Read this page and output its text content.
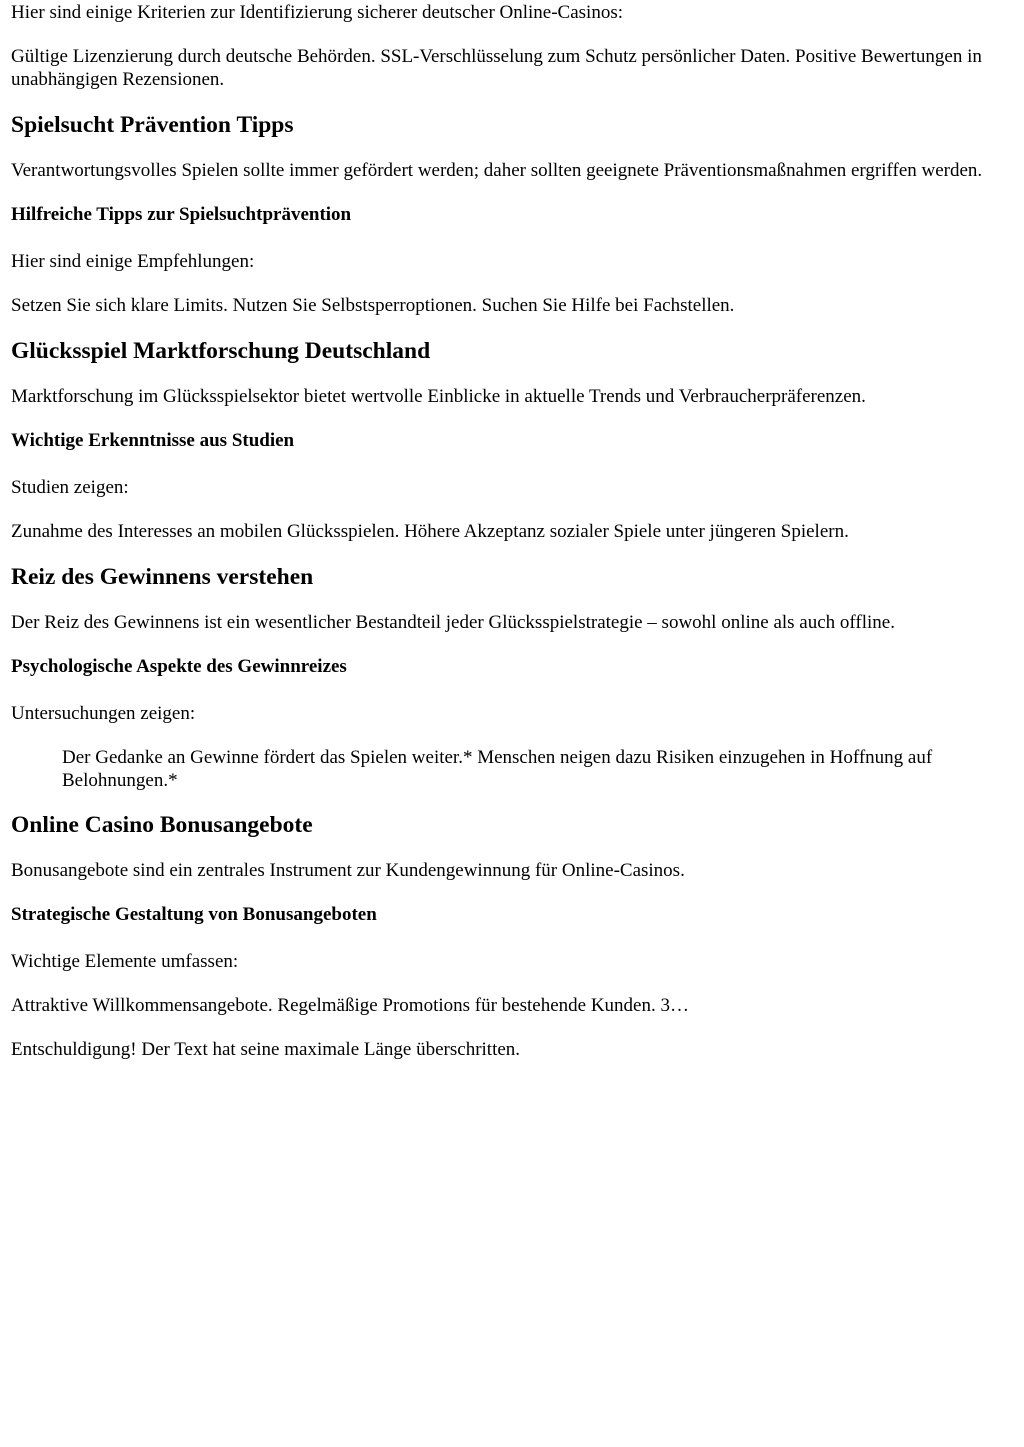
Hier sind einige Kriterien zur Identifizierung sicherer deutscher Online-Casinos:

Gültige Lizenzierung durch deutsche Behörden. SSL-Verschlüsselung zum Schutz persönlicher Daten. Positive Bewertungen in unabhängigen Rezensionen.

Spielsucht Prävention Tipps

Verantwortungsvolles Spielen sollte immer gefördert werden; daher sollten geeignete Präventionsmaßnahmen ergriffen werden.

Hilfreiche Tipps zur Spielsuchtprävention

Hier sind einige Empfehlungen:

Setzen Sie sich klare Limits. Nutzen Sie Selbstsperroptionen. Suchen Sie Hilfe bei Fachstellen.

Glücksspiel Marktforschung Deutschland

Marktforschung im Glücksspielsektor bietet wertvolle Einblicke in aktuelle Trends und Verbraucherpräferenzen.

Wichtige Erkenntnisse aus Studien

Studien zeigen:

Zunahme des Interesses an mobilen Glücksspielen. Höhere Akzeptanz sozialer Spiele unter jüngeren Spielern.

Reiz des Gewinnens verstehen

Der Reiz des Gewinnens ist ein wesentlicher Bestandteil jeder Glücksspielstrategie – sowohl online als auch offline.

Psychologische Aspekte des Gewinnreizes

Untersuchungen zeigen:

Der Gedanke an Gewinne fördert das Spielen weiter.* Menschen neigen dazu Risiken einzugehen in Hoffnung auf Belohnungen.*
Online Casino Bonusangebote

Bonusangebote sind ein zentrales Instrument zur Kundengewinnung für Online-Casinos.

Strategische Gestaltung von Bonusangeboten

Wichtige Elemente umfassen:

Attraktive Willkommensangebote. Regelmäßige Promotions für bestehende Kunden. 3…

Entschuldigung! Der Text hat seine maximale Länge überschritten.
